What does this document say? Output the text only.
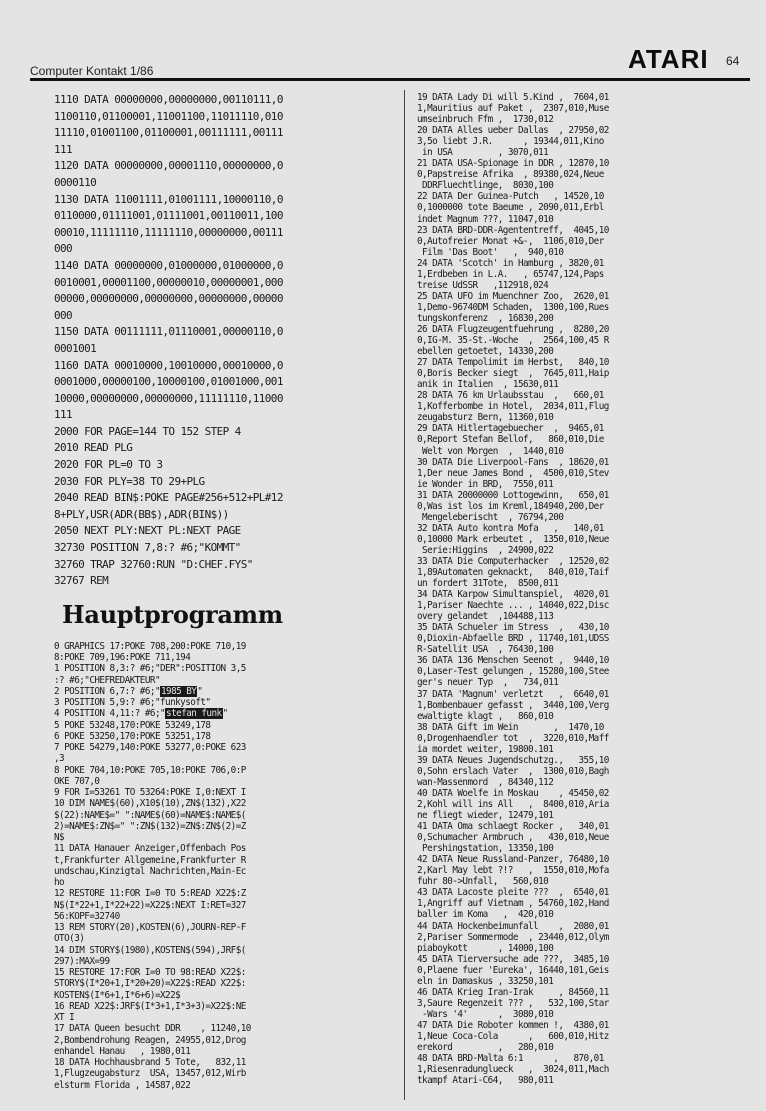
Computer Kontakt 1/86	ATARI 64
1110 DATA 00000000,00000000,00110111,0
1100110,01100001,11001100,11011110,010
11110,01001100,01100001,00111111,00111
111
1120 DATA 00000000,00001110,00000000,0
0000110
1130 DATA 11001111,01001111,10000110,0
0110000,01111001,01111001,00110011,100
00010,11111110,11111110,00000000,00111
000
1140 DATA 00000000,01000000,01000000,0
0010001,00001100,00000010,00000001,000
00000,00000000,00000000,00000000,00000
000
1150 DATA 00111111,01110001,00000110,0
0001001
1160 DATA 00010000,10010000,00010000,0
0001000,00000100,10000100,01001000,001
10000,00000000,00000000,11111110,11000
111
2000 FOR PAGE=144 TO 152 STEP 4
2010 READ PLG
2020 FOR PL=0 TO 3
2030 FOR PLY=38 TO 29+PLG
2040 READ BIN$:POKE PAGE#256+512+PL#12
8+PLY,USR(ADR(BB$),ADR(BIN$))
2050 NEXT PLY:NEXT PL:NEXT PAGE
32730 POSITION 7,8:? #6;"KOMMT"
32760 TRAP 32760:RUN "D:CHEF.FYS"
32767 REM
Hauptprogramm
0 GRAPHICS 17:POKE 708,200:POKE 710,19
8:POKE 709,196:POKE 711,194
1 POSITION 8,3:? #6;"DER":POSITION 3,5
:? #6;"CHEFREDAKTEUR"
2 POSITION 6,7:? #6;"1985 BY"
3 POSITION 5,9:? #6;"funkysoft"
4 POSITION 4,11:? #6;"stefan funk"
5 POKE 53248,170:POKE 53249,178
6 POKE 53250,170:POKE 53251,178
7 POKE 54279,140:POKE 53277,0:POKE 623
,3
8 POKE 704,10:POKE 705,10:POKE 706,0:P
OKE 707,0
9 FOR I=53261 TO 53264:POKE I,0:NEXT I
10 DIM NAME$(60),X10$(10),ZN$(132),X22
$(22):NAME$=" ":NAME$(60)=NAME$:NAME$(
2)=NAME$:ZN$=" ":ZN$(132)=ZN$:ZN$(2)=Z
N$
11 DATA Hanauer Anzeiger,Offenbach Pos
t,Frankfurter Allgemeine,Frankfurter R
undschau,Kinzigtal Nachrichten,Main-Ec
ho
12 RESTORE 11:FOR I=0 TO 5:READ X22$:Z
N$(I*22+1,I*22+22)=X22$:NEXT I:RET=327
56:KOPF=32740
13 REM STORY(20),KOSTEN(6),JOURN-REP-F
OTO(3)
14 DIM STORY$(1980),KOSTEN$(594),JRF$(
297):MAX=99
15 RESTORE 17:FOR I=0 TO 98:READ X22$:
STORY$(I*20+1,I*20+20)=X22$:READ X22$:
KOSTEN$(I*6+1,I*6+6)=X22$
16 READ X22$:JRF$(I*3+1,I*3+3)=X22$:NE
XT I
17 DATA Queen besucht DDR    , 11240,10
2,Bombendrohung Reagen, 24955,012,Drog
enhandel Hanau   , 1980,011
18 DATA Hochhausbrand 5 Tote,   832,11
1,Flugzeugabsturz  USA, 13457,012,Wirb
elsturm Florida , 14587,022
19 DATA Lady Di will 5.Kind ,  7604,01
1,Mauritius auf Paket ,  2307,010,Muse
umseinbruch Ffm ,  1730,012
20 DATA Alles ueber Dallas  , 27950,02
3,5o liebt J.R.      , 19344,011,Kino
in USA         , 3070,011
21 DATA USA-Spionage in DDR , 12870,10
0,Papstreise Afrika  , 89380,024,Neue
DDRFluechtlinge,  8030,100
22 DATA Der Guinea-Putch   , 14520,10
0,1000000 tote Baeume , 2090,011,Erbl
indet Magnum ???, 11047,010
23 DATA BRD-DDR-Agententreff,  4045,10
0,Autofreier Monat +&-,  1106,010,Der
Film 'Das Boot'   ,  940,010
24 DATA 'Scotch' in Hamburg , 3820,01
1,Erdbeben in L.A.   , 65747,124,Paps
treise UdSSR   ,112918,024
25 DATA UFO im Muenchner Zoo,  2620,01
1,Demo-96740DM Schaden,  1300,100,Rues
tungskonferenz  , 16830,200
26 DATA Flugzeugentfuehrung ,  8280,20
0,IG-M. 35-St.-Woche  ,  2564,100,45 R
ebellen getoetet, 14330,200
27 DATA Tempolimit im Herbst,   840,10
0,Boris Becker siegt  ,  7645,011,Haip
anik in Italien  , 15630,011
28 DATA 76 km Urlaubsstau  ,   660,01
1,Kofferbombe in Hotel,  2034,011,Flug
zeugabsturz Bern, 11360,010
29 DATA Hitlertagebuecher  ,  9465,01
0,Report Stefan Bellof,   860,010,Die
Welt von Morgen  ,  1440,010
30 DATA Die Liverpool-Fans  , 18620,01
1,Der neue James Bond ,  4500,010,Stev
ie Wonder in BRD,  7550,011
31 DATA 20000000 Lottogewinn,   650,01
0,Was ist los im Kreml,184940,200,Der
Mengeleberischt  , 76794,200
32 DATA Auto kontra Mofa   ,   140,01
0,10000 Mark erbeutet ,  1350,010,Neue
Serie:Higgins  , 24900,022
33 DATA Die Computerhacker  , 12520,02
1,89Automaten geknackt,   840,010,Taif
un fordert 31Tote,  8500,011
34 DATA Karpow Simultanspiel,  4020,01
1,Pariser Naechte ... , 14040,022,Disc
overy gelandet  ,104488,113
35 DATA Schueler im Stress  ,   430,10
0,Dioxin-Abfaelle BRD , 11740,101,UDSS
R-Satellit USA  , 76430,100
36 DATA 136 Menschen Seenot ,  9440,10
0,Laser-Test gelungen , 15280,100,Stee
ger's neuer Typ  ,   734,011
37 DATA 'Magnum' verletzt   ,  6640,01
1,Bombenbauer gefasst ,  3440,100,Verg
ewaltigte klagt ,   860,010
38 DATA Gift im Wein       ,  1470,10
0,Drogenhaendler tot  ,  3220,010,Maff
ia mordet weiter, 19800.101
39 DATA Neues Jugendschutzg.,   355,10
0,Sohn erslach Vater  ,  1300,010,Bagh
wan-Massenmord  , 84340,112
40 DATA Woelfe in Moskau    , 45450,02
2,Kohl will ins All   ,  8400,010,Aria
ne fliegt wieder, 12479,101
41 DATA Oma schlaegt Rocker ,   340,01
0,Schumacher Armbruch ,   430,010,Neue
Pershingstation, 13350,100
42 DATA Neue Russland-Panzer, 76480,10
2,Karl May lebt ?!?   ,  1550,010,Mofa
fuhr 80->Unfall,   560,010
43 DATA Lacoste pleite ???  ,  6540,01
1,Angriff auf Vietnam , 54760,102,Hand
baller im Koma   ,  420,010
44 DATA Hockenbeimunfall    ,  2080,01
2,Pariser Sommermode  , 23440,012,Olym
piaboykott      , 14000,100
45 DATA Tierversuche ade ???,  3485,10
0,Plaene fuer 'Eureka', 16440,101,Geis
eln in Damaskus , 33250,101
46 DATA Krieg Iran-Irak     , 84560,11
3,Saure Regenzeit ??? ,   532,100,Star
-Wars '4'      ,  3080,010
47 DATA Die Roboter kommen !,  4380,01
1,Neue Coca-Cola      ,   600,010,Hitz
erekord         ,   280,010
48 DATA BRD-Malta 6:1      ,   870,01
1,Riesenradunglueck   ,  3024,011,Mach
tkampf Atari-C64,   980,011
